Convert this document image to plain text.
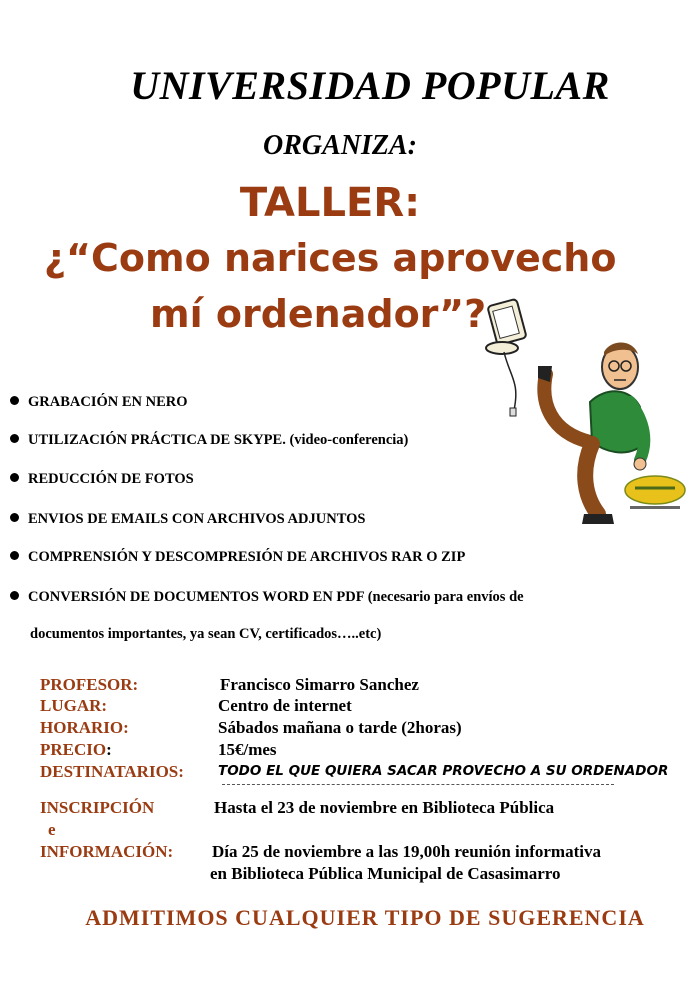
UNIVERSIDAD POPULAR
ORGANIZA:
TALLER:
¿“Como narices aprovecho
mí ordenador”?
GRABACIÓN EN NERO
UTILIZACIÓN PRÁCTICA DE SKYPE. (video-conferencia)
REDUCCIÓN DE FOTOS
ENVIOS DE EMAILS CON ARCHIVOS ADJUNTOS
COMPRENSIÓN Y DESCOMPRESIÓN DE ARCHIVOS RAR O ZIP
CONVERSIÓN DE DOCUMENTOS WORD EN PDF (necesario para envíos de
documentos importantes, ya sean CV, certificados…..etc)
PROFESOR:	Francisco Simarro Sanchez
LUGAR:	Centro de internet
HORARIO:	Sábados mañana o tarde (2horas)
PRECIO:	15€/mes
DESTINATARIOS:	TODO EL QUE QUIERA SACAR PROVECHO A SU ORDENADOR
INSCRIPCIÓN	Hasta el 23 de noviembre en Biblioteca Pública
e
INFORMACIÓN: Día 25 de noviembre a las 19,00h reunión informativa
en Biblioteca Pública Municipal de Casasimarro
ADMITIMOS CUALQUIER TIPO DE SUGERENCIA
